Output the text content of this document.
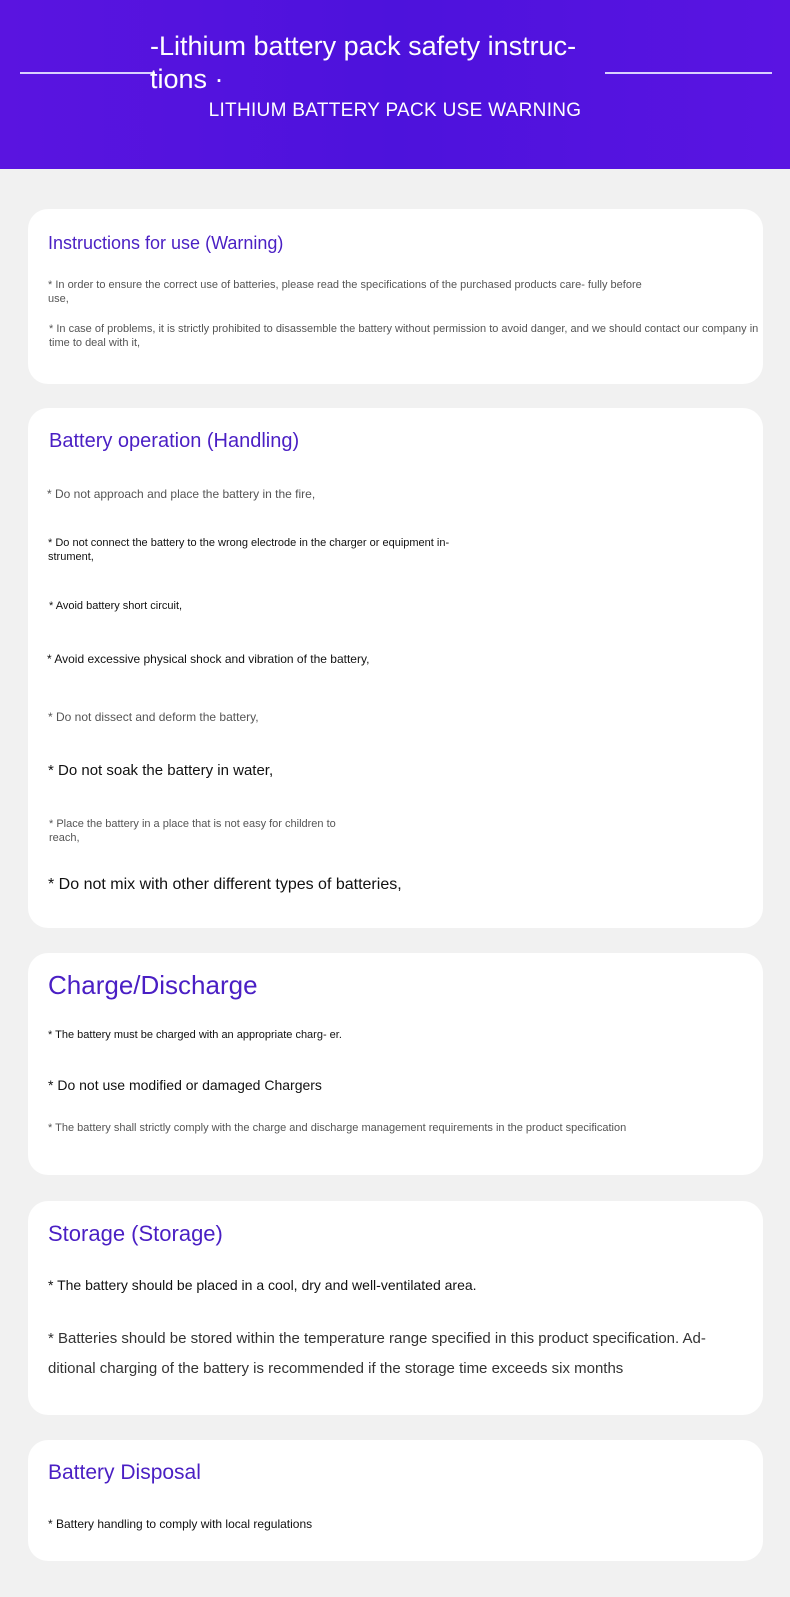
-Lithium battery pack safety instruc- tions ·
LITHIUM BATTERY PACK USE WARNING
Instructions for use (Warning)

* In order to ensure the correct use of batteries, please read the specifications of the purchased products care- fully before use,

* In case of problems, it is strictly prohibited to disassemble the battery without permission to avoid danger, and we should contact our company in time to deal with it,

Battery operation (Handling)

* Do not approach and place the battery in the fire,

* Do not connect the battery to the wrong electrode in the charger or equipment in- strument,

* Avoid battery short circuit,

* Avoid excessive physical shock and vibration of the battery,

* Do not dissect and deform the battery,

* Do not soak the battery in water,

* Place the battery in a place that is not easy for children to reach,

* Do not mix with other different types of batteries,

Charge/Discharge

* The battery must be charged with an appropriate charg- er.

* Do not use modified or damaged Chargers

* The battery shall strictly comply with the charge and discharge management requirements in the product specification

Storage (Storage)

* The battery should be placed in a cool, dry and well-ventilated area.

* Batteries should be stored within the temperature range specified in this product specification. Ad- ditional charging of the battery is recommended if the storage time exceeds six months

Battery Disposal

* Battery handling to comply with local regulations
